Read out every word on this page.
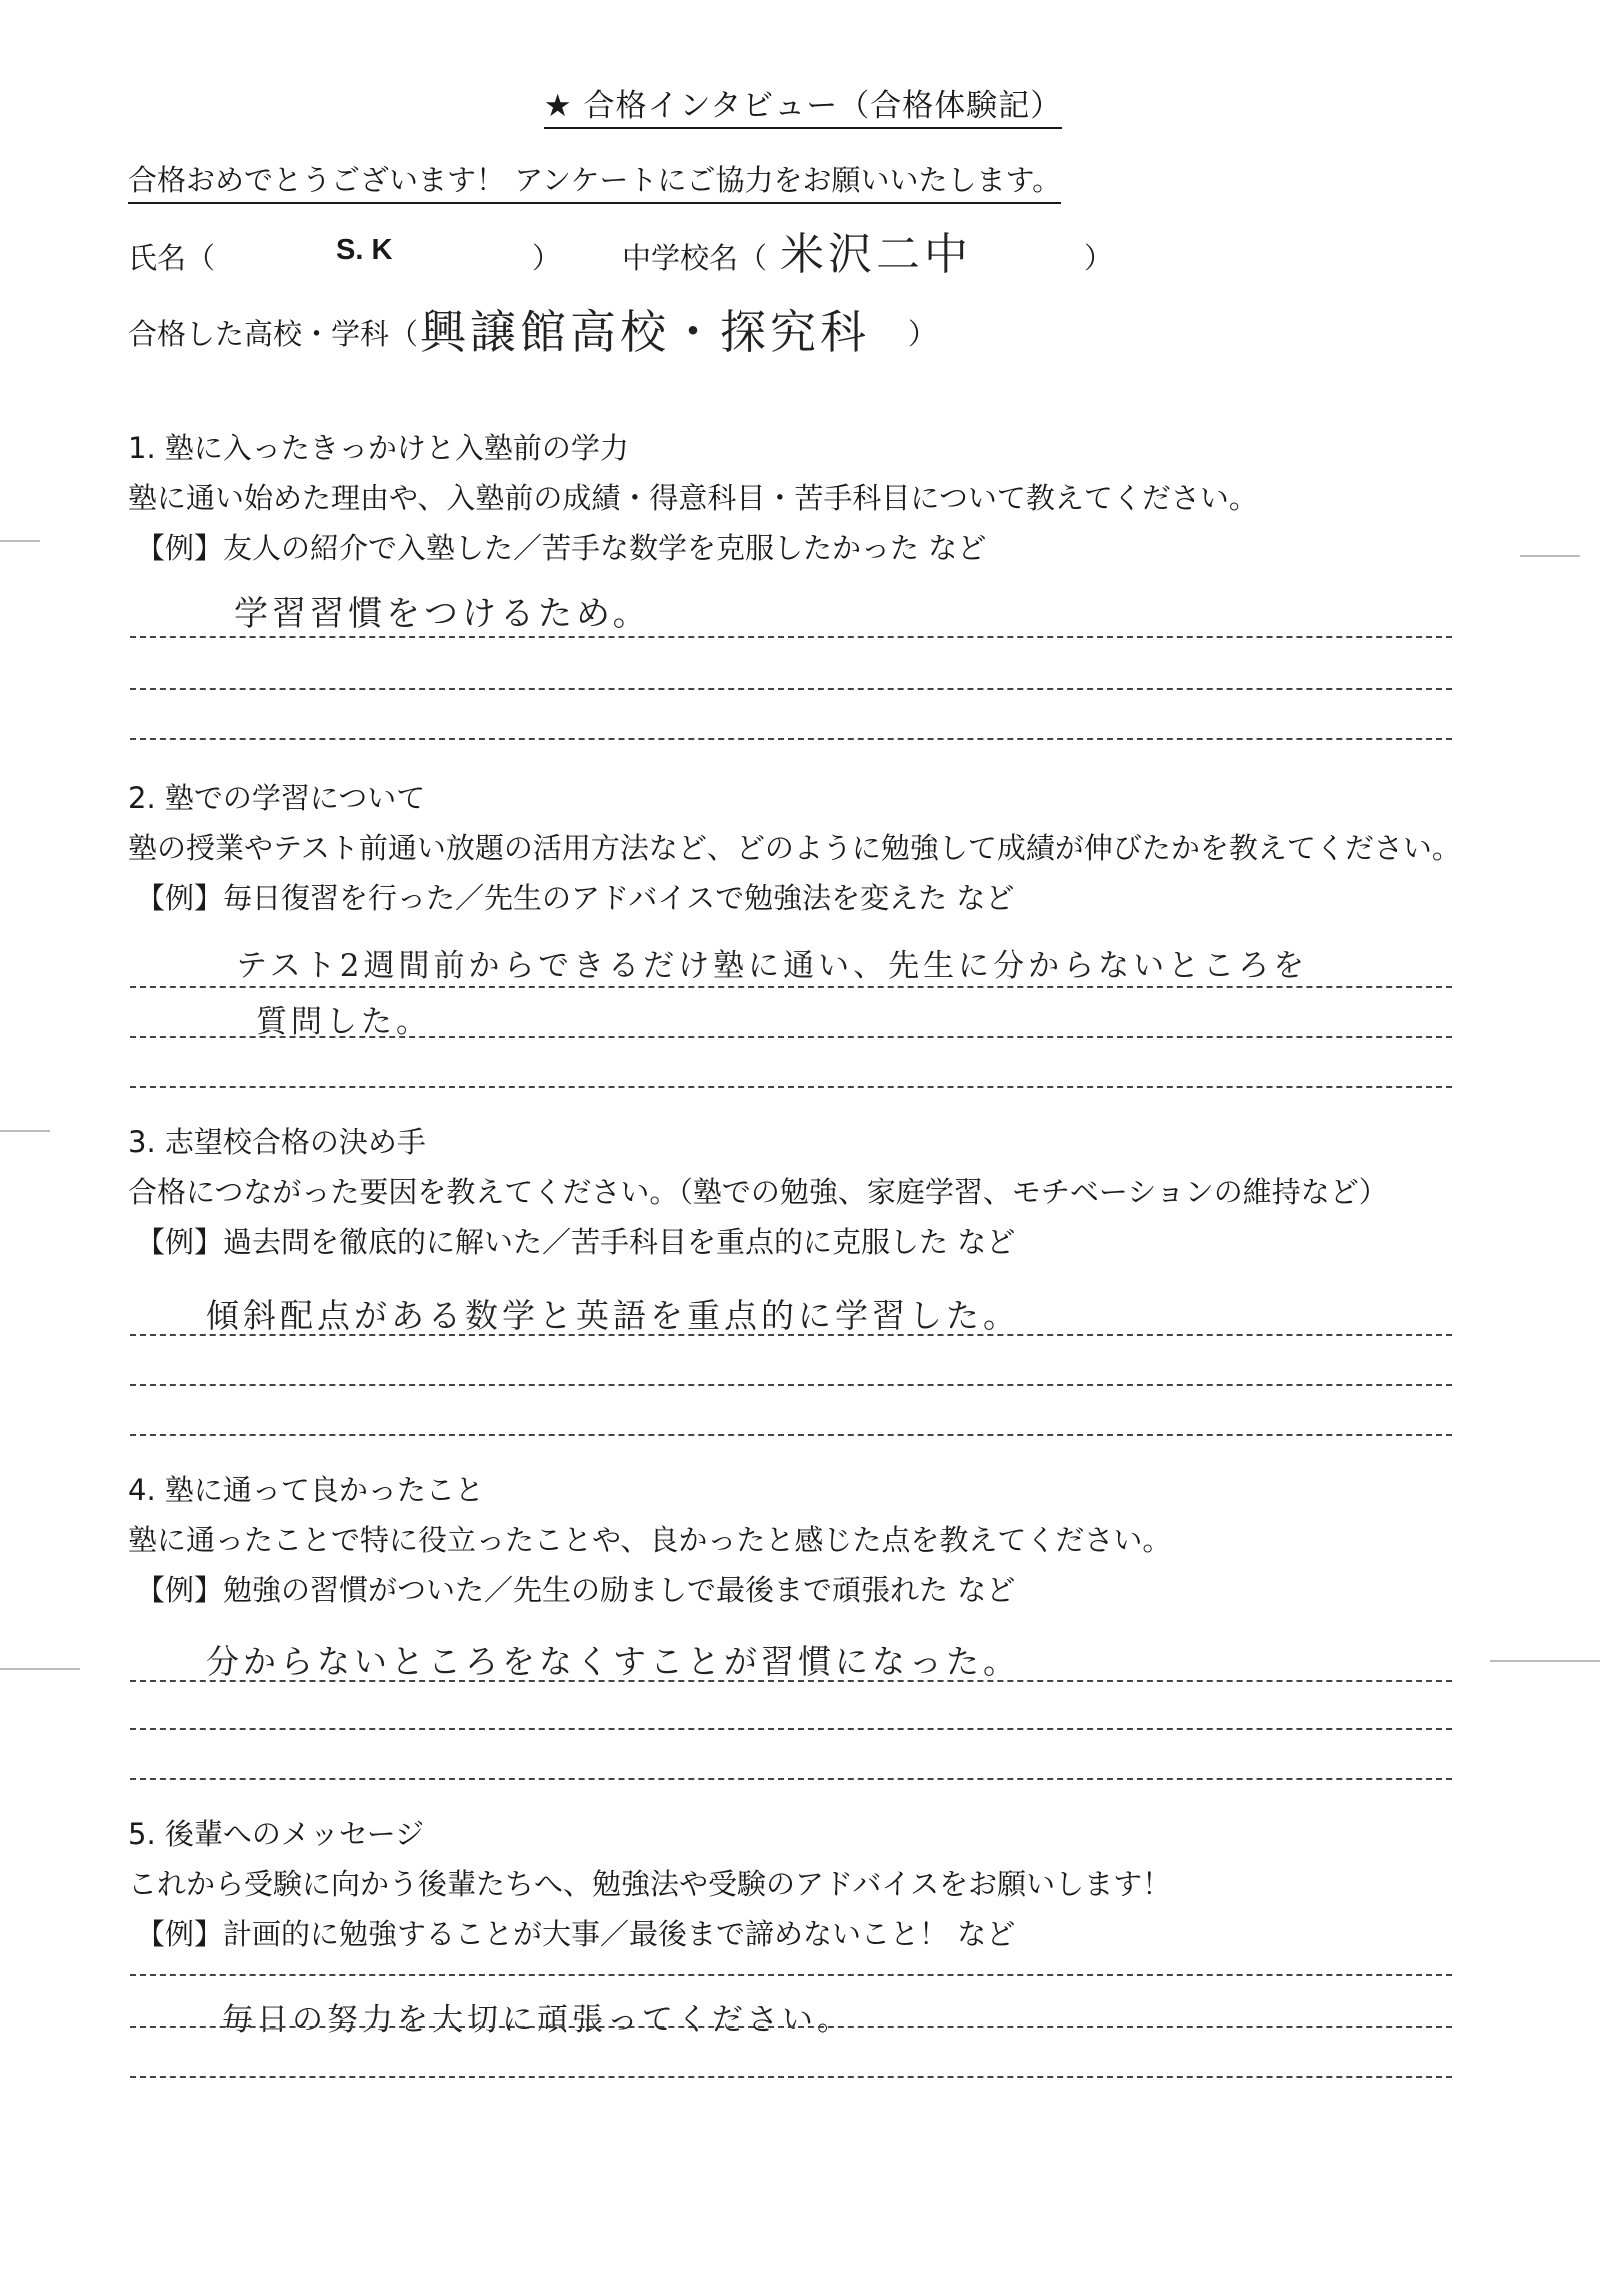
★ 合格インタビュー（合格体験記）
合格おめでとうございます！ アンケートにご協力をお願いいたします。
氏名（	S. K	） 中学校名（ 米沢二中	）
合格した高校・学科（ 興譲館高校・探究科 ）
1. 塾に入ったきっかけと入塾前の学力
塾に通い始めた理由や、入塾前の成績・得意科目・苦手科目について教えてください。
【例】友人の紹介で入塾した／苦手な数学を克服したかった など
学習習慣をつけるため。
2. 塾での学習について
塾の授業やテスト前通い放題の活用方法など、どのように勉強して成績が伸びたかを教えてください。
【例】毎日復習を行った／先生のアドバイスで勉強法を変えた など
テスト2週間前からできるだけ塾に通い、先生に分からないところを
質問した。
3. 志望校合格の決め手
合格につながった要因を教えてください。（塾での勉強、家庭学習、モチベーションの維持など）
【例】過去問を徹底的に解いた／苦手科目を重点的に克服した など
傾斜配点がある数学と英語を重点的に学習した。
4. 塾に通って良かったこと
塾に通ったことで特に役立ったことや、良かったと感じた点を教えてください。
【例】勉強の習慣がついた／先生の励ましで最後まで頑張れた など
分からないところをなくすことが習慣になった。
5. 後輩へのメッセージ
これから受験に向かう後輩たちへ、勉強法や受験のアドバイスをお願いします！
【例】計画的に勉強することが大事／最後まで諦めないこと！ など
毎日の努力を大切に頑張ってください。
